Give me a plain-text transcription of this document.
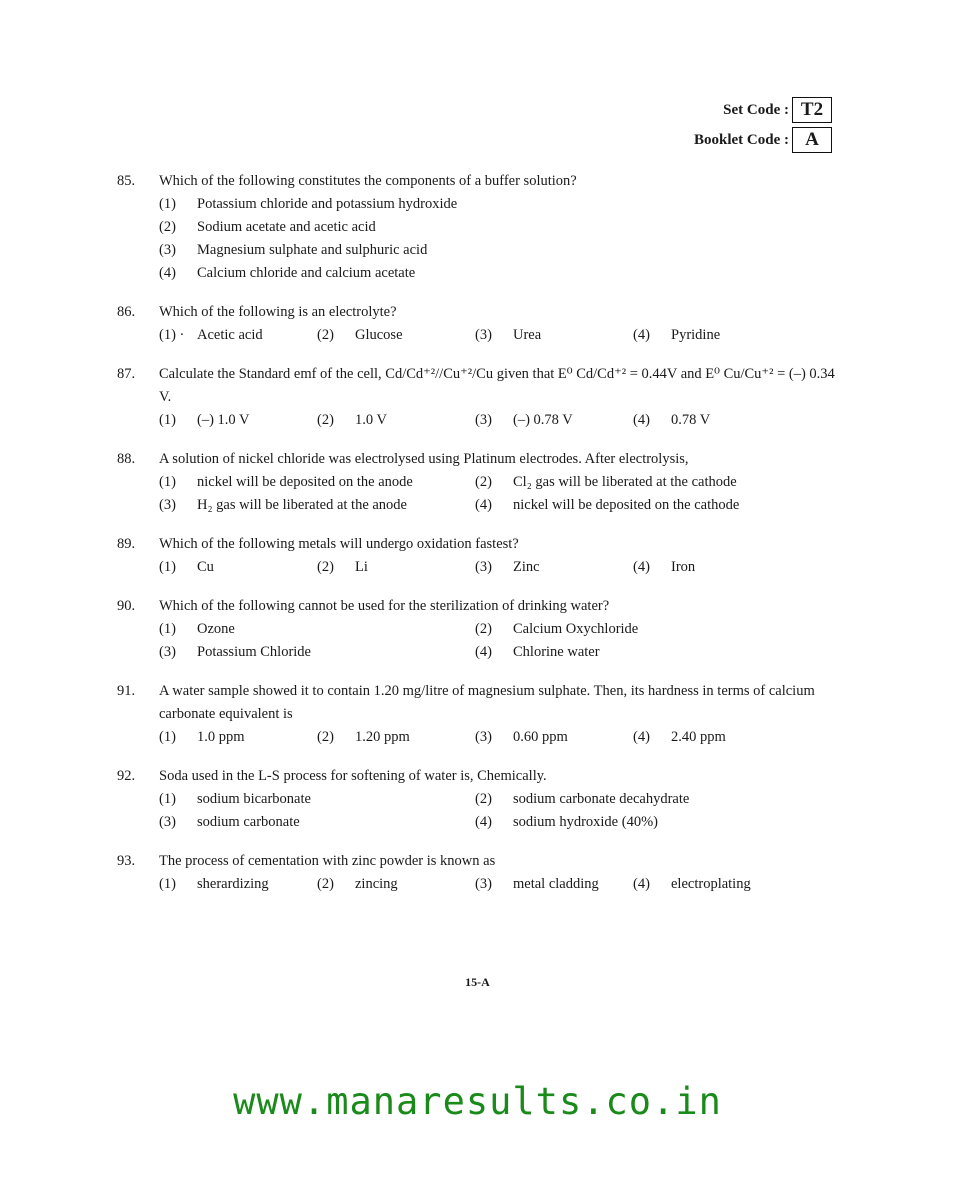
Set Code : T2
Booklet Code : A
85.	Which of the following constitutes the components of a buffer solution?
(1)	Potassium chloride and potassium hydroxide
(2)	Sodium acetate and acetic acid
(3)	Magnesium sulphate and sulphuric acid
(4)	Calcium chloride and calcium acetate
86.	Which of the following is an electrolyte?
(1) · Acetic acid	(2)	Glucose	(3)	Urea	(4)	Pyridine
87.	Calculate the Standard emf of the cell, Cd/Cd⁺²//Cu⁺²/Cu given that E⁰ Cd/Cd⁺² = 0.44V and E⁰ Cu/Cu⁺² = (–) 0.34 V.
(1)	(–) 1.0 V	(2)	1.0 V	(3)	(–) 0.78 V	(4)	0.78 V
88.	A solution of nickel chloride was electrolysed using Platinum electrodes. After electrolysis,
(1)	nickel will be deposited on the anode	(2)	Cl₂ gas will be liberated at the cathode
(3)	H₂ gas will be liberated at the anode	(4)	nickel will be deposited on the cathode
89.	Which of the following metals will undergo oxidation fastest?
(1)	Cu	(2)	Li	(3)	Zinc	(4)	Iron
90.	Which of the following cannot be used for the sterilization of drinking water?
(1)	Ozone	(2)	Calcium Oxychloride
(3)	Potassium Chloride	(4)	Chlorine water
91.	A water sample showed it to contain 1.20 mg/litre of magnesium sulphate. Then, its hardness in terms of calcium carbonate equivalent is
(1)	1.0 ppm	(2)	1.20 ppm	(3)	0.60 ppm	(4)	2.40 ppm
92.	Soda used in the L-S process for softening of water is, Chemically.
(1)	sodium bicarbonate	(2)	sodium carbonate decahydrate
(3)	sodium carbonate	(4)	sodium hydroxide (40%)
93.	The process of cementation with zinc powder is known as
(1)	sherardizing	(2)	zincing	(3)	metal cladding (4)	electroplating
15-A
www.manaresults.co.in
